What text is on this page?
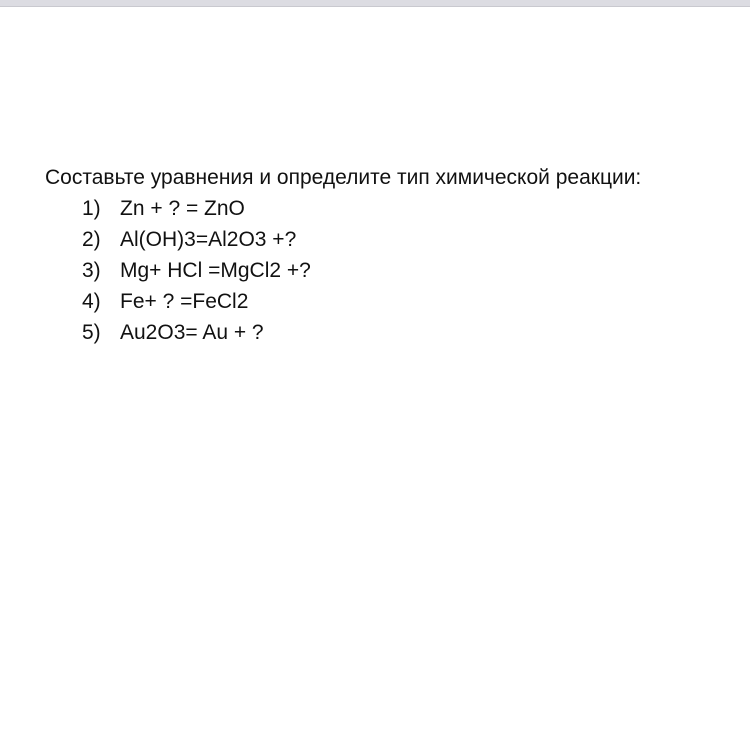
Составьте уравнения и определите тип химической реакции:

1) Zn + ? = ZnO
2) Al(OH)3=Al2O3 +?
3) Mg+ HCl =MgCl2 +?
4) Fe+ ? =FeCl2
5) Au2O3= Au + ?
